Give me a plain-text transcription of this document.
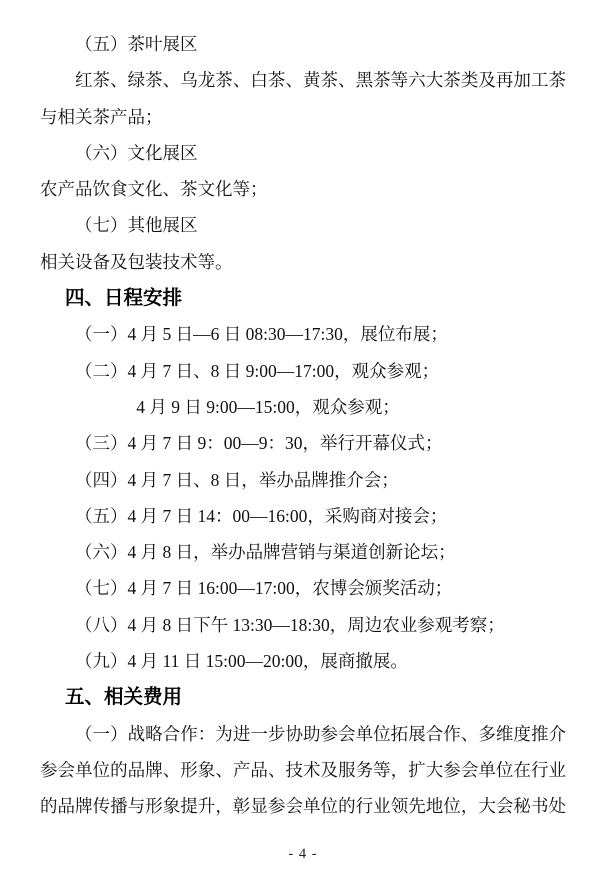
（五）茶叶展区
红茶、绿茶、乌龙茶、白茶、黄茶、黑茶等六大茶类及再加工茶
与相关茶产品；
（六）文化展区
农产品饮食文化、茶文化等；
（七）其他展区
相关设备及包装技术等。
四、日程安排
（一）4 月 5 日—6 日 08:30—17:30，展位布展；
（二）4 月 7 日、8 日 9:00—17:00，观众参观；
4 月 9 日 9:00—15:00，观众参观；
（三）4 月 7 日 9：00—9：30，举行开幕仪式；
（四）4 月 7 日、8 日，举办品牌推介会；
（五）4 月 7 日 14：00—16:00，采购商对接会；
（六）4 月 8 日，举办品牌营销与渠道创新论坛；
（七）4 月 7 日 16:00—17:00，农博会颁奖活动；
（八）4 月 8 日下午 13:30—18:30，周边农业参观考察；
（九）4 月 11 日 15:00—20:00，展商撤展。
五、相关费用
（一）战略合作：为进一步协助参会单位拓展合作、多维度推介
参会单位的品牌、形象、产品、技术及服务等，扩大参会单位在行业
的品牌传播与形象提升，彰显参会单位的行业领先地位，大会秘书处
- 4 -
